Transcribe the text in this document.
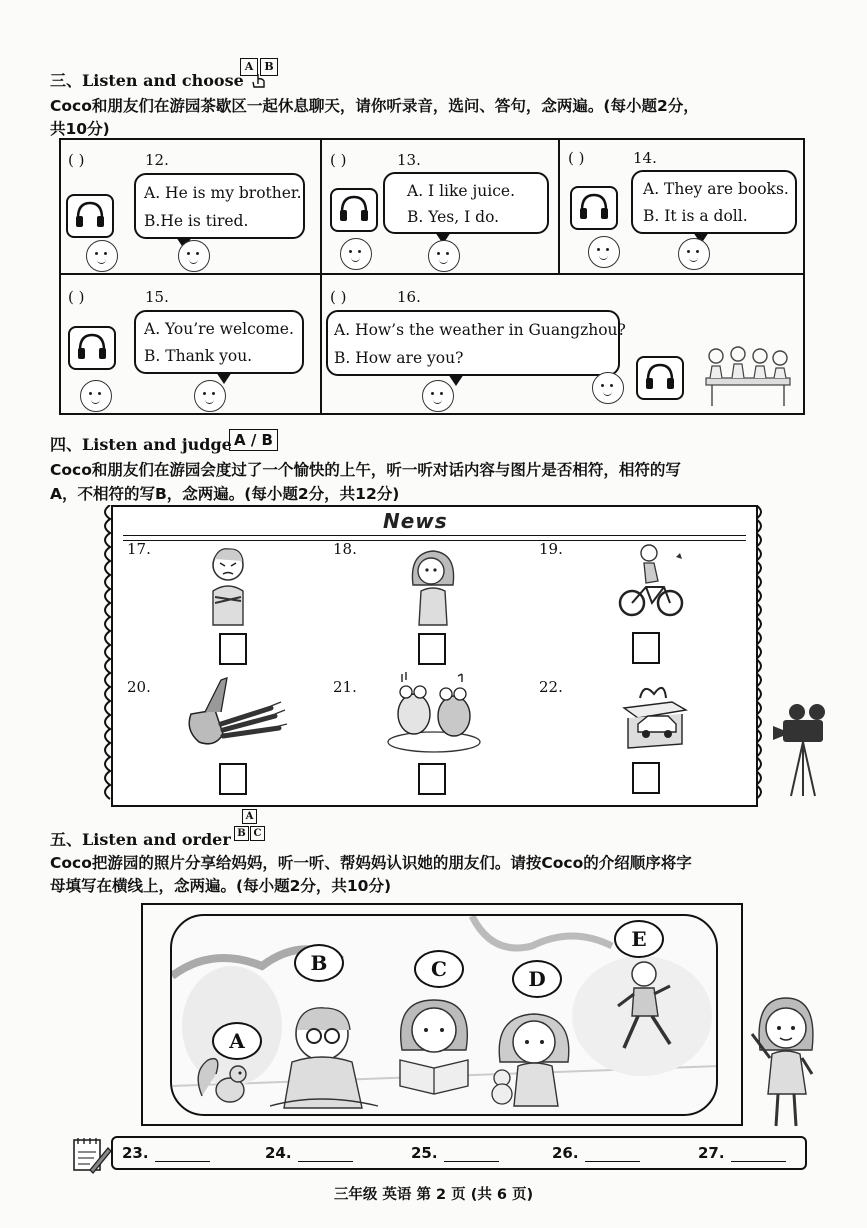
三、Listen and choose
A	B
Coco和朋友们在游园茶歇区一起休息聊天，请你听录音，选问、答句，念两遍。(每小题2分，
共10分)
( )	12.
A. He is my brother.
B.He is tired.
( )	13.
A. I like juice.
B. Yes, I do.
( )	14.
A. They are books.
B. It is a doll.
( )	15.
A. You’re welcome.
B. Thank you.
( )	16.
A. How’s the weather in Guangzhou?
B. How are you?
四、Listen and judge A / B
Coco和朋友们在游园会度过了一个愉快的上午，听一听对话内容与图片是否相符，相符的写
A，不相符的写B，念两遍。(每小题2分，共12分)
News
17.	18.	19.
20.	21.	22.
五、Listen and order
A
B C
Coco把游园的照片分享给妈妈，听一听、帮妈妈认识她的朋友们。请按Coco的介绍顺序将字
母填写在横线上，念两遍。(每小题2分，共10分)
A
B	C	D
E
23.	24.	25.	26.	27.
三年级 英语 第 2 页 (共 6 页)
